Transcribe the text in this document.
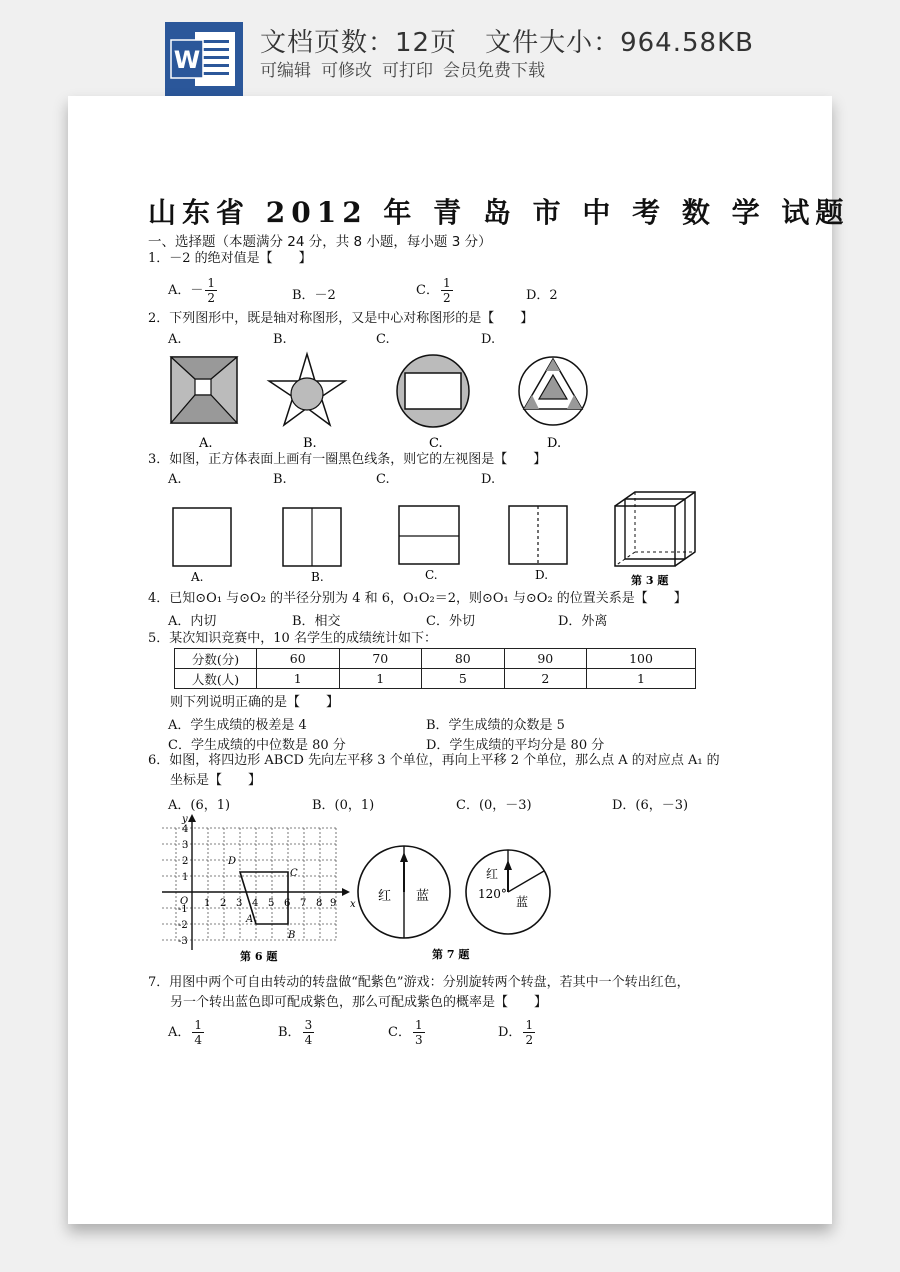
W
文档页数：12页 文件大小：964.58KB
可编辑 可修改 可打印 会员免费下载
山东省 2012 年 青 岛 市 中 考 数 学 试题
一、选择题（本题满分 24 分，共 8 小题，每小题 3 分）
1．－2 的绝对值是【　　】
A．－ $\frac{1}{2}$	B．－2	C． $\frac{1}{2}$	D．2
2．下列图形中，既是轴对称图形，又是中心对称图形的是【　　】
A.	B.	C.	D.
A.	B.	C.	D.
3．如图，正方体表面上画有一圈黑色线条，则它的左视图是【　　】
A.	B.	C.	D.
A.	B.	C.	D.	第 3 题
4．已知⊙O₁ 与⊙O₂ 的半径分别为 4 和 6，O₁O₂＝2，则⊙O₁ 与⊙O₂ 的位置关系是【　　】
A．内切	B．相交	C．外切	D．外离
5．某次知识竞赛中，10 名学生的成绩统计如下：
分数(分)	60	70	80	90	100
人数(人)	1	1	5	2	1
则下列说明正确的是【　　】
A．学生成绩的极差是 4	B．学生成绩的众数是 5
C．学生成绩的中位数是 80 分	D．学生成绩的平均分是 80 分
6．如图，将四边形 ABCD 先向左平移 3 个单位，再向上平移 2 个单位，那么点 A 的对应点 A₁ 的
坐标是【　　】
A．(6，1)	B．(0，1)	C．(0，－3)	D．(6，－3)
y
x
O 1 2 3 4 5 6 7 8 9
1
2
3
4
-1
-2
-3
A
B
C
D
第 6 题
红 蓝
红
120°
蓝
第 7 题
7．用图中两个可自由转动的转盘做“配紫色”游戏：分别旋转两个转盘，若其中一个转出红色，
另一个转出蓝色即可配成紫色，那么可配成紫色的概率是【　　】
A． $\frac{1}{4}$	B． $\frac{3}{4}$	C． $\frac{1}{3}$	D． $\frac{1}{2}$
